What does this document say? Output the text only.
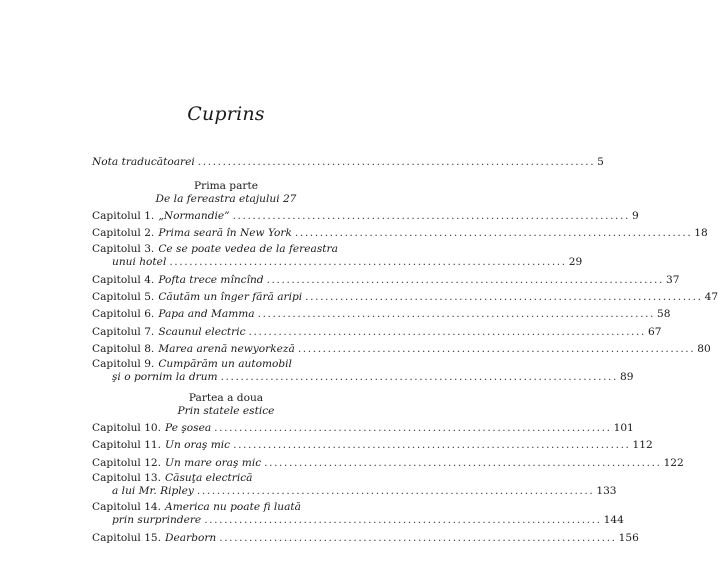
Cuprins
Nota traducătoarei ................................................................................ 5
Prima parte
De la fereastra etajului 27
Capitolul 1. „Normandie” ................................................................................ 9
Capitolul 2. Prima seară în New York ................................................................................ 18
Capitolul 3. Ce se poate vedea de la fereastra
unui hotel ................................................................................ 29
Capitolul 4. Pofta trece mîncînd ................................................................................ 37
Capitolul 5. Căutăm un înger fără aripi ................................................................................ 47
Capitolul 6. Papa and Mamma ................................................................................ 58
Capitolul 7. Scaunul electric ................................................................................ 67
Capitolul 8. Marea arenă newyorkeză ................................................................................ 80
Capitolul 9. Cumpărăm un automobil
şi o pornim la drum ................................................................................ 89
Partea a doua
Prin statele estice
Capitolul 10. Pe şosea ................................................................................ 101
Capitolul 11. Un oraş mic ................................................................................ 112
Capitolul 12. Un mare oraş mic ................................................................................ 122
Capitolul 13. Căsuţa electrică
a lui Mr. Ripley ................................................................................ 133
Capitolul 14. America nu poate fi luată
prin surprindere ................................................................................ 144
Capitolul 15. Dearborn ................................................................................ 156
